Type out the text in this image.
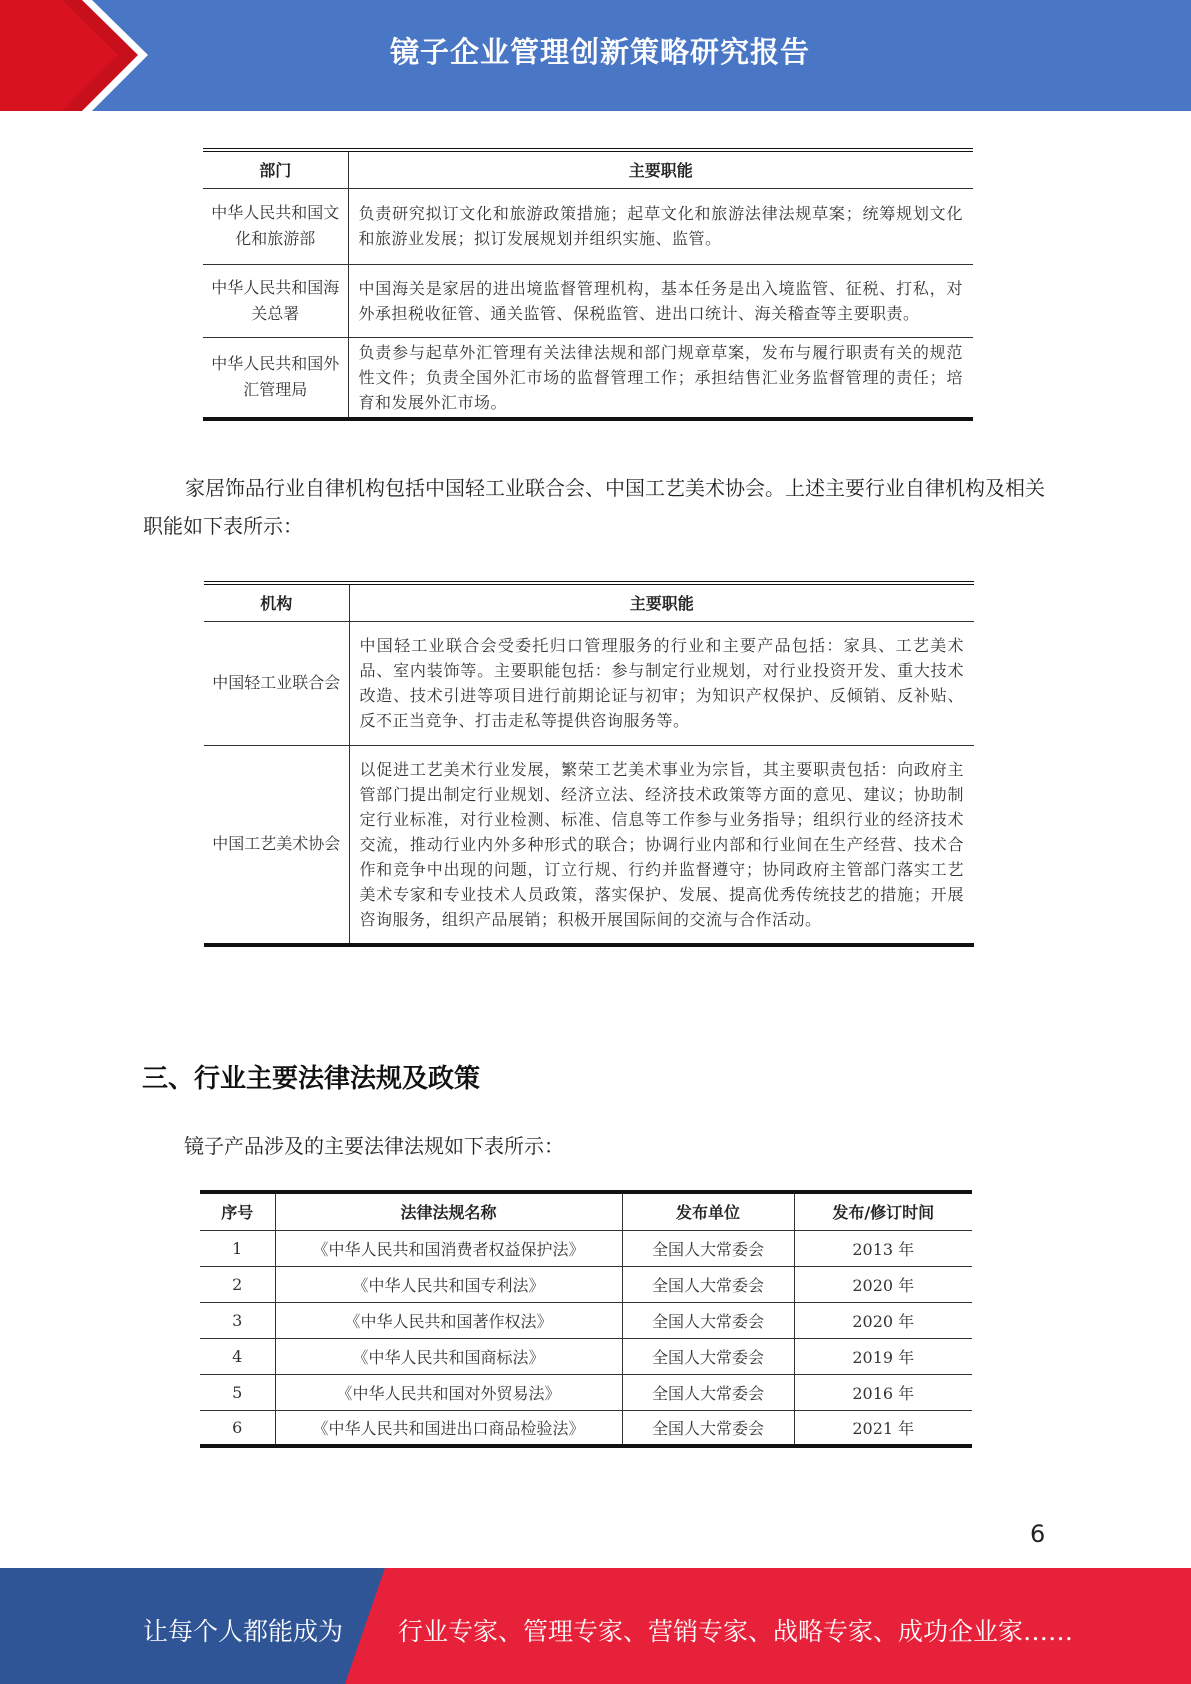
镜子企业管理创新策略研究报告
部门	主要职能
中华人民共和国文化和旅游部	负责研究拟订文化和旅游政策措施；起草文化和旅游法律法规草案；统筹规划文化和旅游业发展；拟订发展规划并组织实施、监管。
中华人民共和国海关总署	中国海关是家居的进出境监督管理机构，基本任务是出入境监管、征税、打私，对外承担税收征管、通关监管、保税监管、进出口统计、海关稽查等主要职责。
中华人民共和国外汇管理局	负责参与起草外汇管理有关法律法规和部门规章草案，发布与履行职责有关的规范性文件；负责全国外汇市场的监督管理工作；承担结售汇业务监督管理的责任；培育和发展外汇市场。

家居饰品行业自律机构包括中国轻工业联合会、中国工艺美术协会。上述主要行业自律机构及相关职能如下表所示：

机构	主要职能
中国轻工业联合会	中国轻工业联合会受委托归口管理服务的行业和主要产品包括：家具、工艺美术品、室内装饰等。主要职能包括：参与制定行业规划，对行业投资开发、重大技术改造、技术引进等项目进行前期论证与初审；为知识产权保护、反倾销、反补贴、反不正当竞争、打击走私等提供咨询服务等。
中国工艺美术协会	以促进工艺美术行业发展，繁荣工艺美术事业为宗旨，其主要职责包括：向政府主管部门提出制定行业规划、经济立法、经济技术政策等方面的意见、建议；协助制定行业标准，对行业检测、标准、信息等工作参与业务指导；组织行业的经济技术交流，推动行业内外多种形式的联合；协调行业内部和行业间在生产经营、技术合作和竞争中出现的问题，订立行规、行约并监督遵守；协同政府主管部门落实工艺美术专家和专业技术人员政策，落实保护、发展、提高优秀传统技艺的措施；开展咨询服务，组织产品展销；积极开展国际间的交流与合作活动。
三、行业主要法律法规及政策

镜子产品涉及的主要法律法规如下表所示：

序号	法律法规名称	发布单位	发布/修订时间
1	《中华人民共和国消费者权益保护法》	全国人大常委会	2013 年
2	《中华人民共和国专利法》	全国人大常委会	2020 年
3	《中华人民共和国著作权法》	全国人大常委会	2020 年
4	《中华人民共和国商标法》	全国人大常委会	2019 年
5	《中华人民共和国对外贸易法》	全国人大常委会	2016 年
6	《中华人民共和国进出口商品检验法》	全国人大常委会	2021 年
6
让每个人都能成为 行业专家、管理专家、营销专家、战略专家、成功企业家……
